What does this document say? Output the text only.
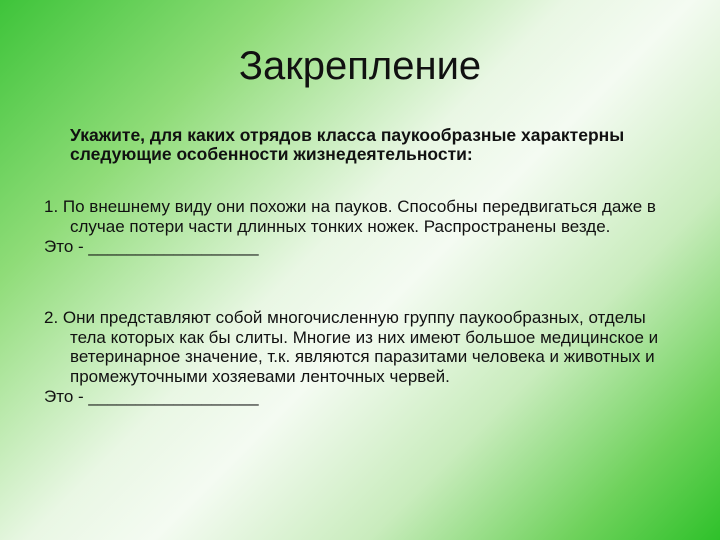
Закрепление

Укажите, для каких отрядов класса паукообразные характерны следующие особенности жизнедеятельности:

1. По внешнему виду они похожи на пауков. Способны передвигаться даже в случае потери части длинных тонких ножек. Распространены везде.
Это - __________________
2. Они представляют собой многочисленную группу паукообразных, отделы тела которых как бы слиты. Многие из них имеют большое медицинское и ветеринарное значение, т.к. являются паразитами человека и животных и промежуточными хозяевами ленточных червей.
Это - __________________
